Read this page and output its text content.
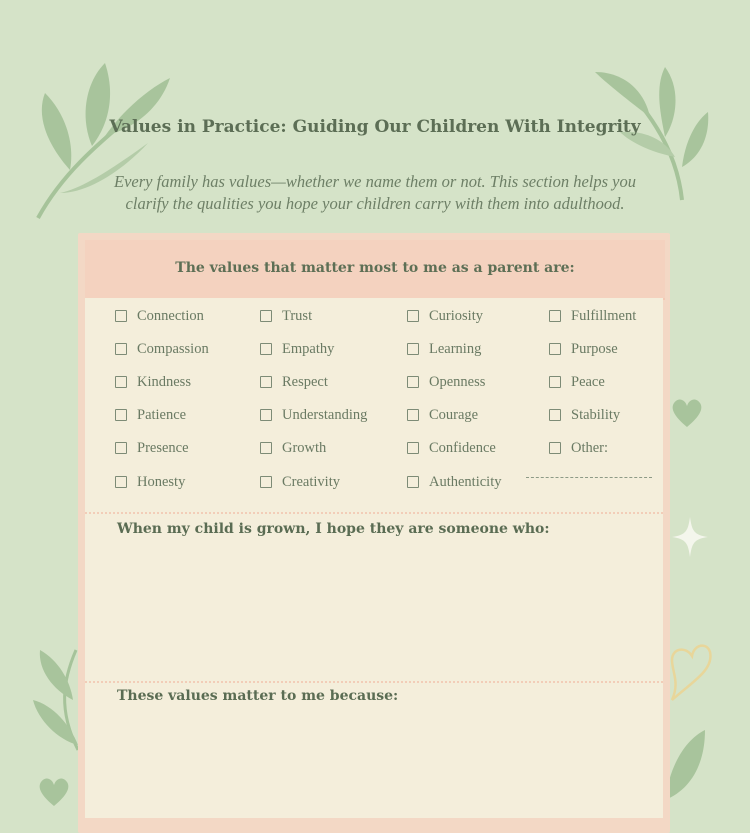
Values in Practice: Guiding Our Children With Integrity
Every family has values—whether we name them or not. This section helps you clarify the qualities you hope your children carry with them into adulthood.
The values that matter most to me as a parent are:
Connection
Compassion
Kindness
Patience
Presence
Honesty
Trust
Empathy
Respect
Understanding
Growth
Creativity
Curiosity
Learning
Openness
Courage
Confidence
Authenticity
Fulfillment
Purpose
Peace
Stability
Other:
When my child is grown, I hope they are someone who:
These values matter to me because:
